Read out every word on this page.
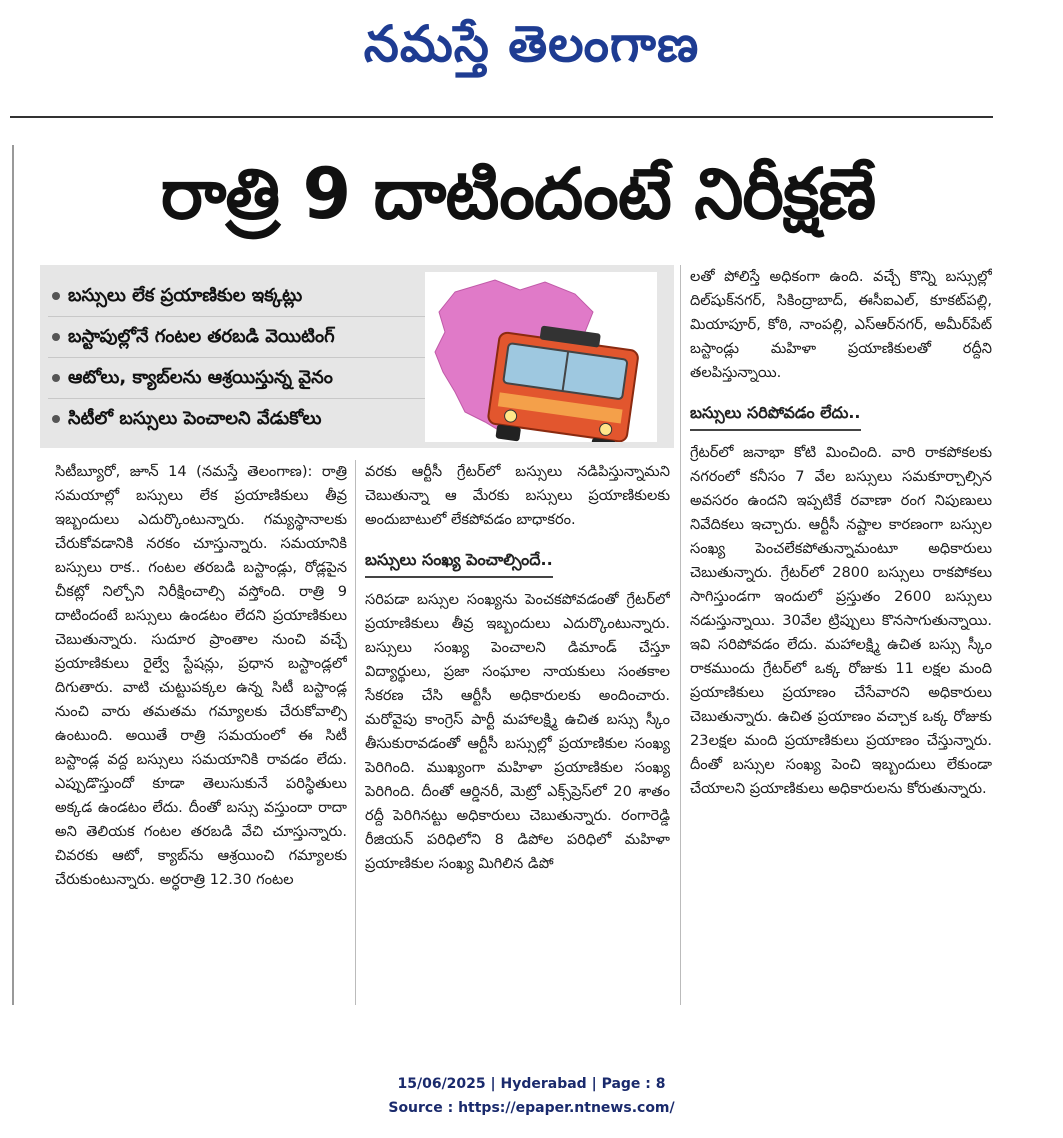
నమస్తే తెలంగాణ
రాత్రి 9 దాటిందంటే నిరీక్షణే
బస్సులు లేక ప్రయాణికుల ఇక్కట్లు
బస్టాపుల్లోనే గంటల తరబడి వెయిటింగ్
ఆటోలు, క్యాబ్‌లను ఆశ్రయిస్తున్న వైనం
సిటీలో బస్సులు పెంచాలని వేడుకోలు

సిటీబ్యూరో, జూన్ 14 (నమస్తే తెలంగాణ): రాత్రి సమయాల్లో బస్సులు లేక ప్రయాణికులు తీవ్ర ఇబ్బందులు ఎదుర్కొంటున్నారు. గమ్యస్థానాలకు చేరుకోవడానికి నరకం చూస్తున్నారు. సమయానికి బస్సులు రాక.. గంటల తరబడి బస్టాండ్లు, రోడ్లపైన చీకట్లో నిల్చోని నిరీక్షించాల్సి వస్తోంది. రాత్రి 9 దాటిందంటే బస్సులు ఉండటం లేదని ప్రయాణికులు చెబుతున్నారు. సుదూర ప్రాంతాల నుంచి వచ్చే ప్రయాణికులు రైల్వే స్టేషన్లు, ప్రధాన బస్టాండ్లలో దిగుతారు. వాటి చుట్టుపక్కల ఉన్న సిటీ బస్టాండ్ల నుంచి వారు తమతమ గమ్యాలకు చేరుకోవాల్సి ఉంటుంది. అయితే రాత్రి సమయంలో ఈ సిటీ బస్టాండ్ల వద్ద బస్సులు సమయానికి రావడం లేదు. ఎప్పుడొస్తుందో కూడా తెలుసుకునే పరిస్థితులు అక్కడ ఉండటం లేదు. దీంతో బస్సు వస్తుందా రాదా అని తెలియక గంటల తరబడి వేచి చూస్తున్నారు. చివరకు ఆటో, క్యాబ్‌ను ఆశ్రయించి గమ్యాలకు చేరుకుంటున్నారు. అర్ధరాత్రి 12.30 గంటల

వరకు ఆర్టీసీ గ్రేటర్‌లో బస్సులు నడిపిస్తున్నామని చెబుతున్నా ఆ మేరకు బస్సులు ప్రయాణికులకు అందుబాటులో లేకపోవడం బాధాకరం.

బస్సులు సంఖ్య పెంచాల్సిందే..

సరిపడా బస్సుల సంఖ్యను పెంచకపోవడంతో గ్రేటర్‌లో ప్రయాణికులు తీవ్ర ఇబ్బందులు ఎదుర్కొంటున్నారు. బస్సులు సంఖ్య పెంచాలని డిమాండ్ చేస్తూ విద్యార్థులు, ప్రజా సంఘాల నాయకులు సంతకాల సేకరణ చేసి ఆర్టీసీ అధికారులకు అందించారు. మరోవైపు కాంగ్రెస్ పార్టీ మహాలక్ష్మి ఉచిత బస్సు స్కీం తీసుకురావడంతో ఆర్టీసీ బస్సుల్లో ప్రయాణికుల సంఖ్య పెరిగింది. ముఖ్యంగా మహిళా ప్రయాణికుల సంఖ్య పెరిగింది. దీంతో ఆర్డినరీ, మెట్రో ఎక్స్‌ప్రెస్‌లో 20 శాతం రద్దీ పెరిగినట్టు అధికారులు చెబుతున్నారు. రంగారెడ్డి రీజియన్ పరిధిలోని 8 డిపోల పరిధిలో మహిళా ప్రయాణికుల సంఖ్య మిగిలిన డిపో

లతో పోలిస్తే అధికంగా ఉంది. వచ్చే కొన్ని బస్సుల్లో దిల్‌షుక్‌నగర్, సికింద్రాబాద్, ఈసీఐఎల్, కూకట్‌పల్లి, మియాపూర్, కోఠి, నాంపల్లి, ఎస్‌ఆర్‌నగర్, అమీర్‌పేట్ బస్టాండ్లు మహిళా ప్రయాణికులతో రద్దీని తలపిస్తున్నాయి.

బస్సులు సరిపోవడం లేదు..

గ్రేటర్‌లో జనాభా కోటి మించింది. వారి రాకపోకలకు నగరంలో కనీసం 7 వేల బస్సులు సమకూర్చాల్సిన అవసరం ఉందని ఇప్పటికే రవాణా రంగ నిపుణులు నివేదికలు ఇచ్చారు. ఆర్టీసీ నష్టాల కారణంగా బస్సుల సంఖ్య పెంచలేకపోతున్నామంటూ అధికారులు చెబుతున్నారు. గ్రేటర్‌లో 2800 బస్సులు రాకపోకలు సాగిస్తుండగా ఇందులో ప్రస్తుతం 2600 బస్సులు నడుస్తున్నాయి. 30వేల ట్రిప్పులు కొనసాగుతున్నాయి. ఇవి సరిపోవడం లేదు. మహాలక్ష్మి ఉచిత బస్సు స్కీం రాకముందు గ్రేటర్‌లో ఒక్క రోజుకు 11 లక్షల మంది ప్రయాణికులు ప్రయాణం చేసేవారని అధికారులు చెబుతున్నారు. ఉచిత ప్రయాణం వచ్చాక ఒక్క రోజుకు 23లక్షల మంది ప్రయాణికులు ప్రయాణం చేస్తున్నారు. దీంతో బస్సుల సంఖ్య పెంచి ఇబ్బందులు లేకుండా చేయాలని ప్రయాణికులు అధికారులను కోరుతున్నారు.

15/06/2025 | Hyderabad | Page : 8
Source : https://epaper.ntnews.com/
